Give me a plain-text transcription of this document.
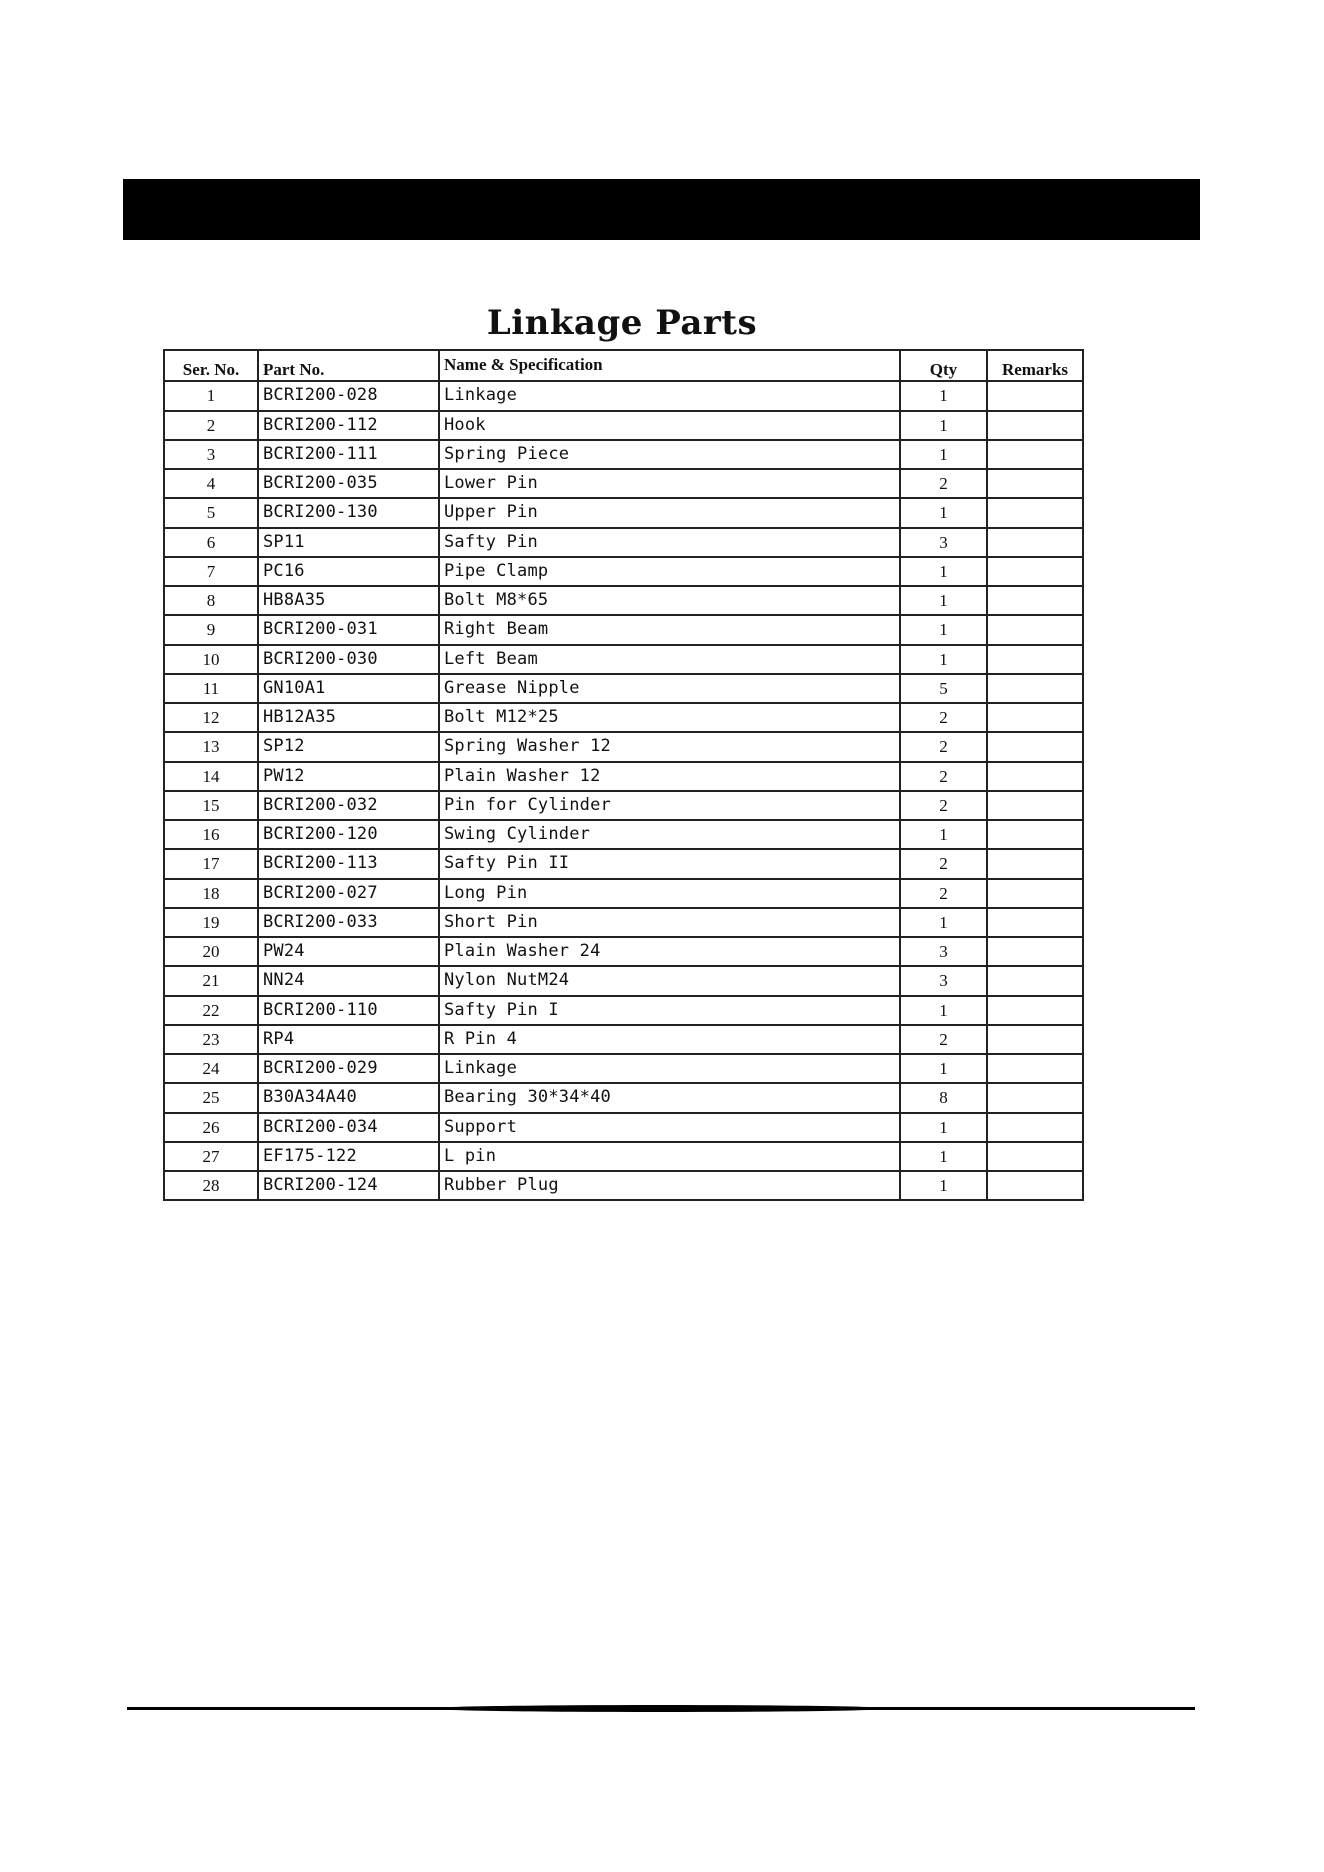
Linkage Parts
Ser. No.	Part No.	Name & Specification	Qty	Remarks
1	BCRI200-028	Linkage	1	
2	BCRI200-112	Hook	1	
3	BCRI200-111	Spring Piece	1	
4	BCRI200-035	Lower Pin	2	
5	BCRI200-130	Upper Pin	1	
6	SP11	Safty Pin	3	
7	PC16	Pipe Clamp	1	
8	HB8A35	Bolt M8*65	1	
9	BCRI200-031	Right Beam	1	
10	BCRI200-030	Left Beam	1	
11	GN10A1	Grease Nipple	5	
12	HB12A35	Bolt M12*25	2	
13	SP12	Spring Washer 12	2	
14	PW12	Plain Washer 12	2	
15	BCRI200-032	Pin for Cylinder	2	
16	BCRI200-120	Swing Cylinder	1	
17	BCRI200-113	Safty Pin II	2	
18	BCRI200-027	Long Pin	2	
19	BCRI200-033	Short Pin	1	
20	PW24	Plain Washer 24	3	
21	NN24	Nylon NutM24	3	
22	BCRI200-110	Safty Pin I	1	
23	RP4	R Pin 4	2	
24	BCRI200-029	Linkage	1	
25	B30A34A40	Bearing 30*34*40	8	
26	BCRI200-034	Support	1	
27	EF175-122	L pin	1	
28	BCRI200-124	Rubber Plug	1	
